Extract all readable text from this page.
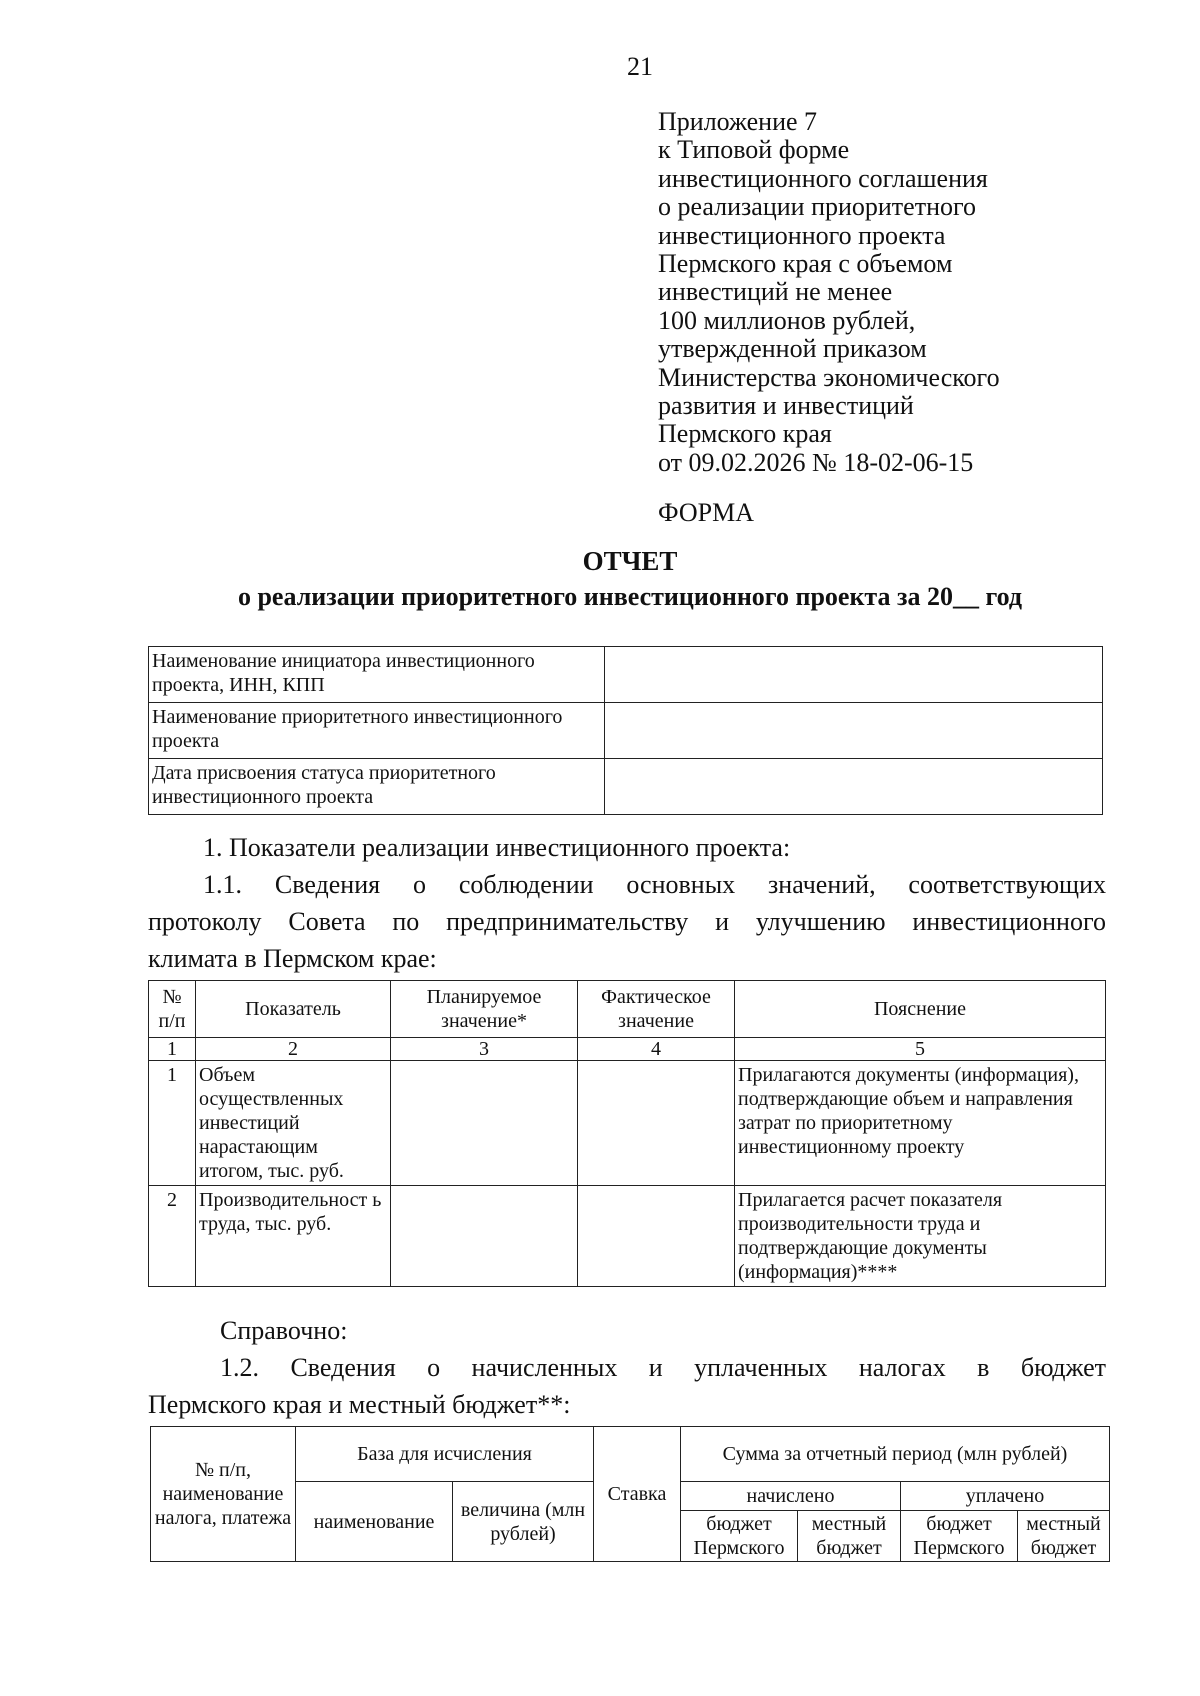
21
Приложение 7
к Типовой форме
инвестиционного соглашения
о реализации приоритетного
инвестиционного проекта
Пермского края с объемом
инвестиций не менее
100 миллионов рублей,
утвержденной приказом
Министерства экономического
развития и инвестиций
Пермского края
от 09.02.2026 № 18-02-06-15
ФОРМА
ОТЧЕТ
о реализации приоритетного инвестиционного проекта за 20__ год
Наименование инициатора инвестиционного проекта, ИНН, КПП	
Наименование приоритетного инвестиционного проекта	
Дата присвоения статуса приоритетного инвестиционного проекта	
1. Показатели реализации инвестиционного проекта:
1.1. Сведения о соблюдении основных значений, соответствующих
протоколу Совета по предпринимательству и улучшению инвестиционного
климата в Пермском крае:
№ п/п	Показатель	Планируемое значение*	Фактическое значение	Пояснение
1	2	3	4	5
1	Объем осуществленных инвестиций нарастающим итогом, тыс. руб.			Прилагаются документы (информация), подтверждающие объем и направления затрат по приоритетному инвестиционному проекту
2	Производительност ь труда, тыс. руб.			Прилагается расчет показателя производительности труда и подтверждающие документы (информация)****
Справочно:
1.2. Сведения о начисленных и уплаченных налогах в бюджет
Пермского края и местный бюджет**:
№ п/п, наименование налога, платежа	База для исчисления		Ставка	Сумма за отчетный период (млн рублей)			
	наименование	величина (млн рублей)		начислено		уплачено	
				бюджет Пермского	местный бюджет	бюджет Пермского	местный бюджет
